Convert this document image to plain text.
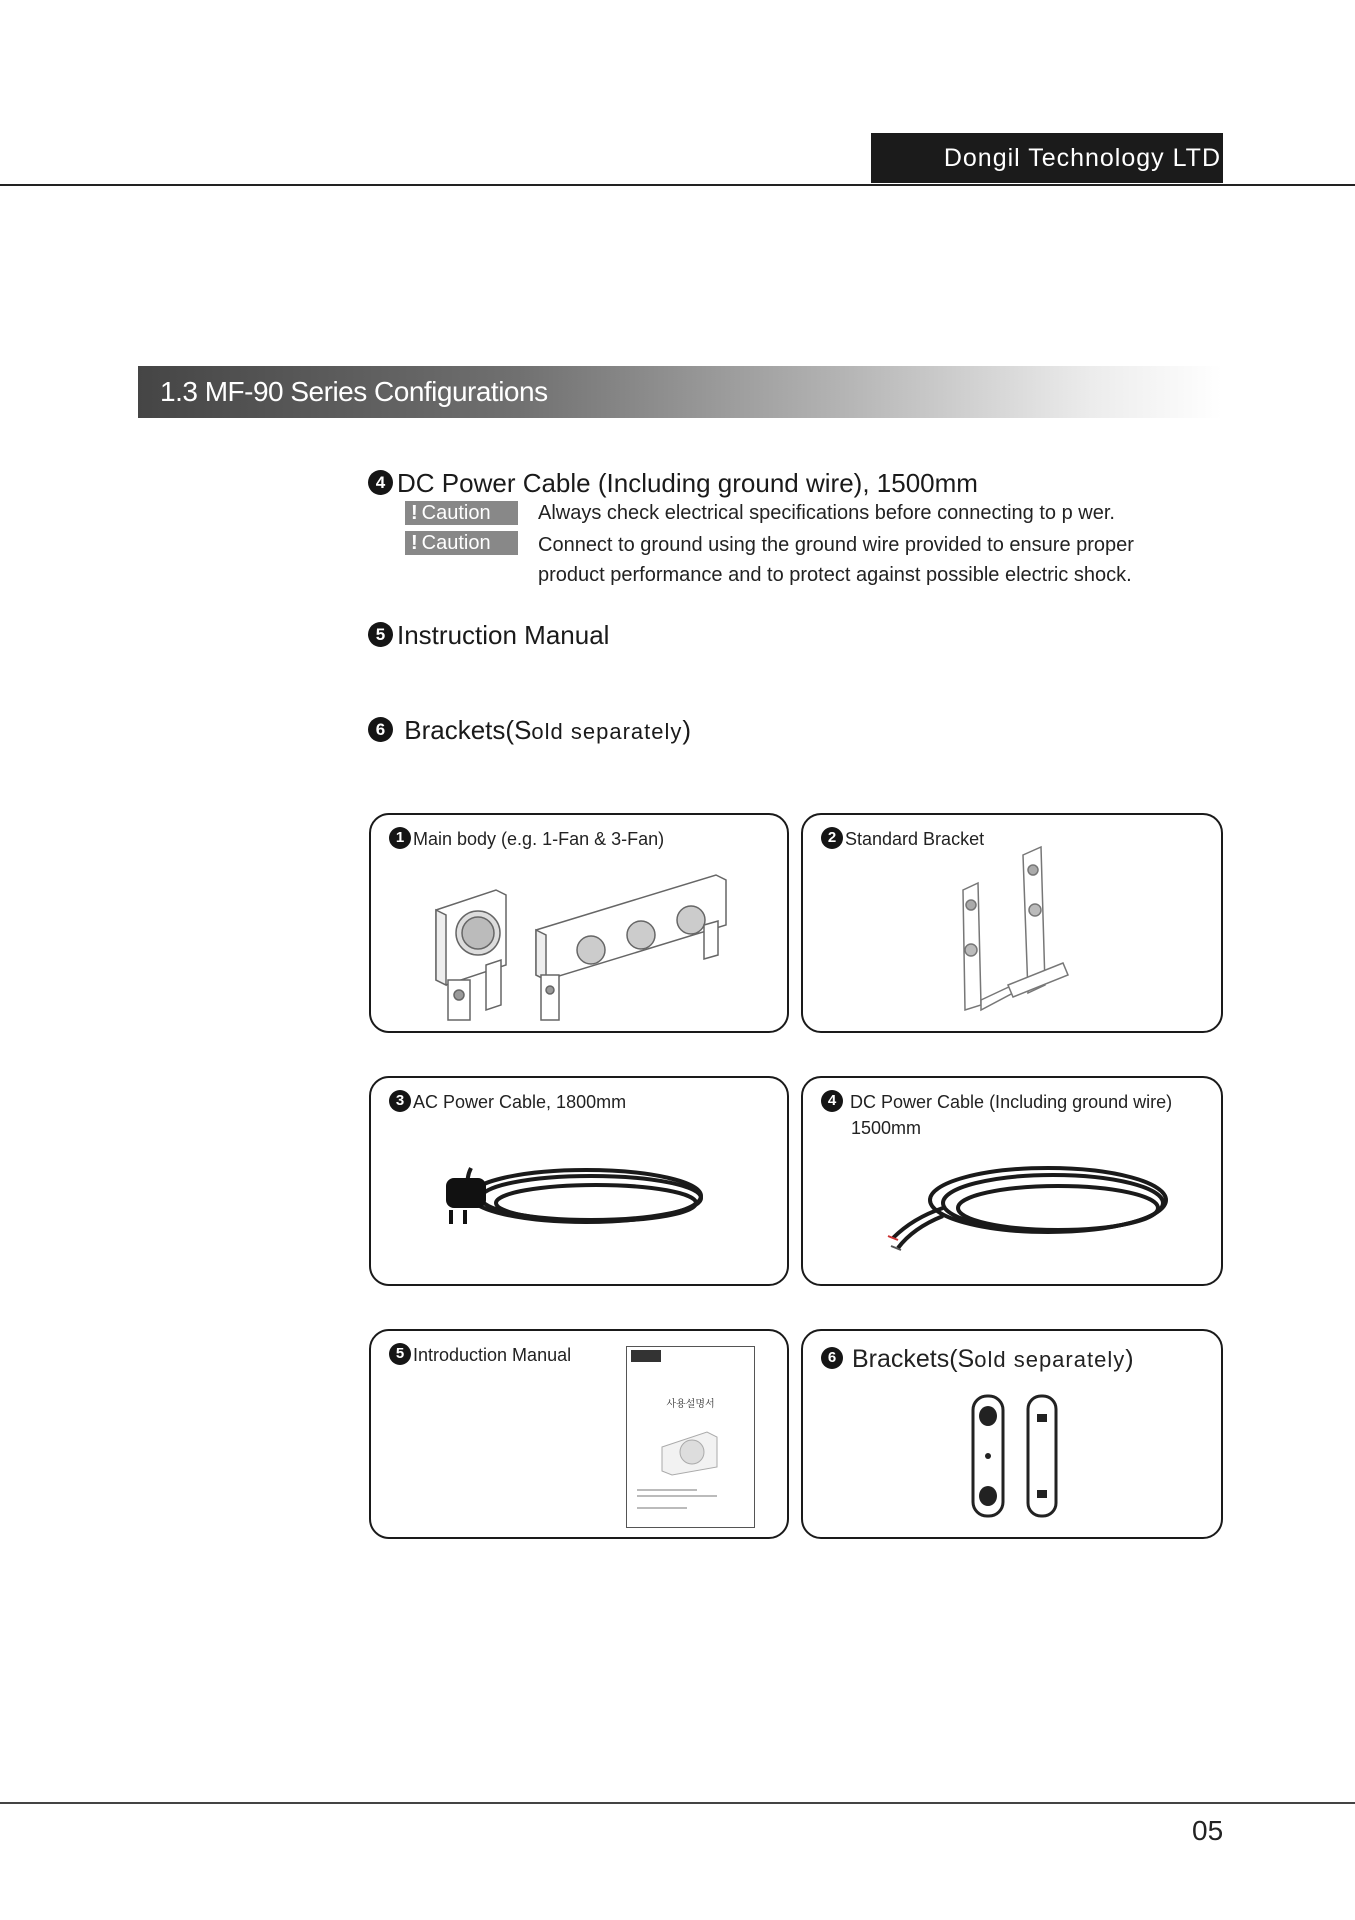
Dongil Technology LTD
1.3 MF-90 Series Configurations
4 DC Power Cable (Including ground wire), 1500mm
! Caution	Always check electrical specifications before connecting to p wer.
! Caution	Connect to ground using the ground wire provided to ensure proper
product performance and to protect against possible electric shock.
5 Instruction Manual
6 Brackets(Sold separately)
1 Main body (e.g. 1-Fan & 3-Fan)	2 Standard Bracket
3 AC Power Cable, 1800mm	4 DC Power Cable (Including ground wire)
1500mm
5 Introduction Manual
사용설명서
6 Brackets(Sold separately)
05
